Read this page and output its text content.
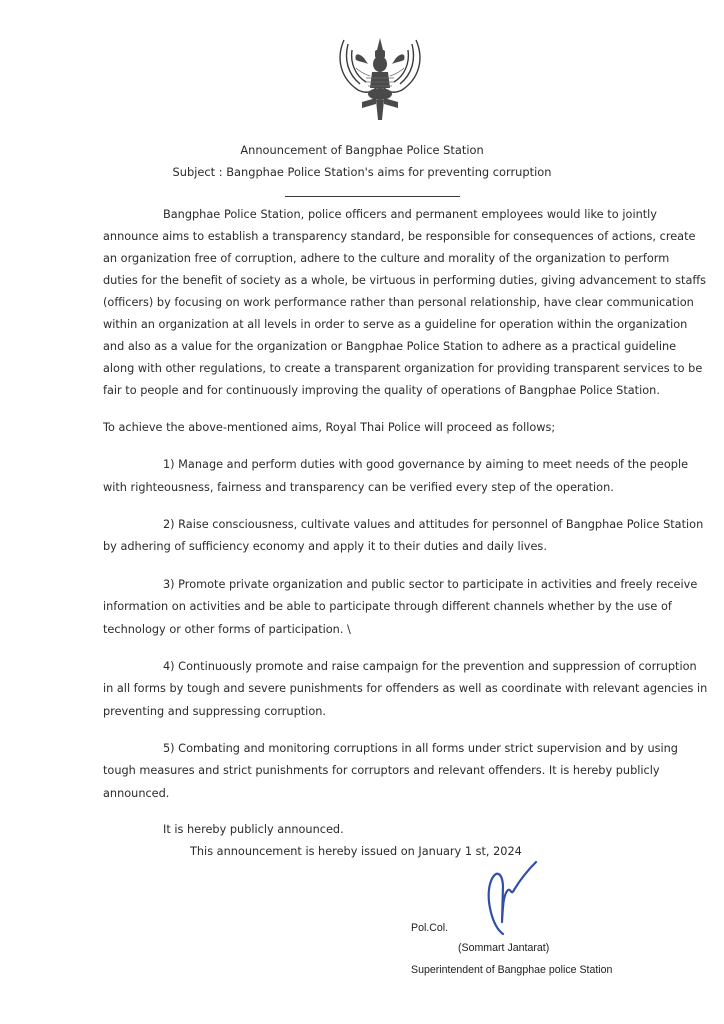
Announcement of Bangphae Police Station
Subject : Bangphae Police Station's aims for preventing corruption
Bangphae Police Station, police officers and permanent employees would like to jointly
announce aims to establish a transparency standard, be responsible for consequences of actions, create
an organization free of corruption, adhere to the culture and morality of the organization to perform
duties for the benefit of society as a whole, be virtuous in performing duties, giving advancement to staffs
(officers) by focusing on work performance rather than personal relationship, have clear communication
within an organization at all levels in order to serve as a guideline for operation within the organization
and also as a value for the organization or Bangphae Police Station to adhere as a practical guideline
along with other regulations, to create a transparent organization for providing transparent services to be
fair to people and for continuously improving the quality of operations of Bangphae Police Station.
To achieve the above-mentioned aims, Royal Thai Police will proceed as follows;
1) Manage and perform duties with good governance by aiming to meet needs of the people
with righteousness, fairness and transparency can be verified every step of the operation.
2) Raise consciousness, cultivate values and attitudes for personnel of Bangphae Police Station
by adhering of sufficiency economy and apply it to their duties and daily lives.
3) Promote private organization and public sector to participate in activities and freely receive
information on activities and be able to participate through different channels whether by the use of
technology or other forms of participation. \
4) Continuously promote and raise campaign for the prevention and suppression of corruption
in all forms by tough and severe punishments for offenders as well as coordinate with relevant agencies in
preventing and suppressing corruption.
5) Combating and monitoring corruptions in all forms under strict supervision and by using
tough measures and strict punishments for corruptors and relevant offenders. It is hereby publicly
announced.
It is hereby publicly announced.
This announcement is hereby issued on January 1 st, 2024
Pol.Col.
(Sommart Jantarat)
Superintendent of Bangphae police Station
